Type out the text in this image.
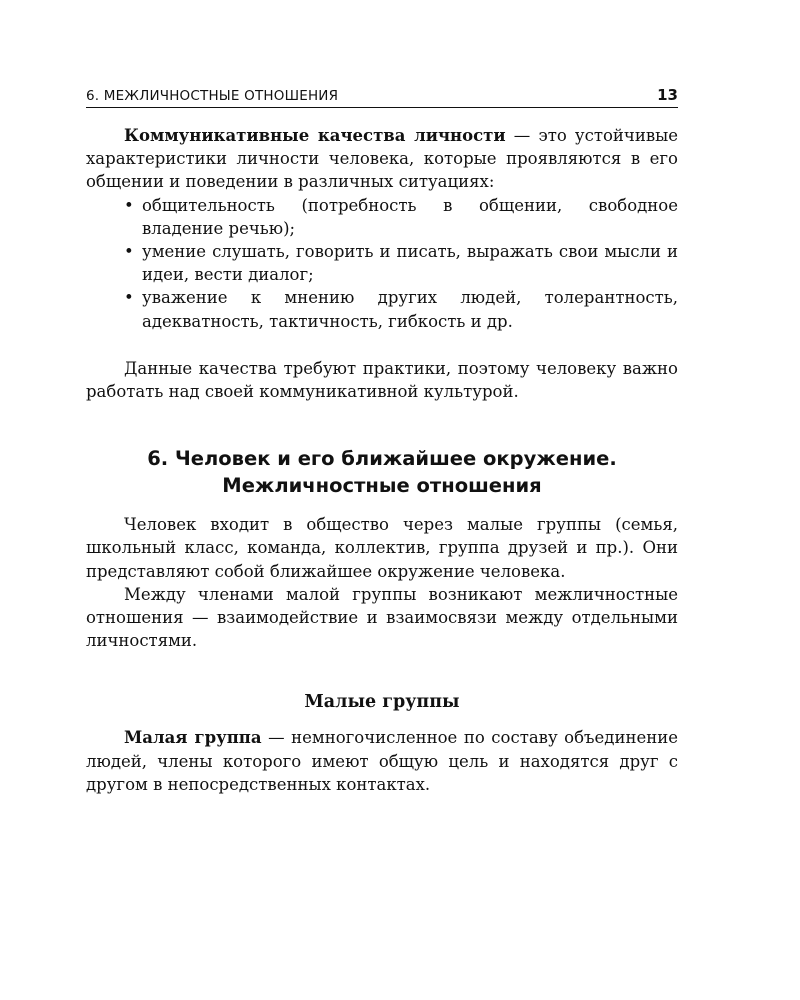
6. МЕЖЛИЧНОСТНЫЕ ОТНОШЕНИЯ	13

Коммуникативные качества личности — это устойчивые характеристики личности человека, которые проявляются в его общении и поведении в различных ситуациях:

• общительность (потребность в общении, свободное владение речью);
• умение слушать, говорить и писать, выражать свои мысли и идеи, вести диалог;
• уважение к мнению других людей, толерантность, адекватность, тактичность, гибкость и др.

Данные качества требуют практики, поэтому человеку важно работать над своей коммуникативной культурой.

6. Человек и его ближайшее окружение.
Межличностные отношения

Человек входит в общество через малые группы (семья, школьный класс, команда, коллектив, группа друзей и пр.). Они представляют собой ближайшее окружение человека.

Между членами малой группы возникают межличностные отношения — взаимодействие и взаимосвязи между отдельными личностями.

Малые группы

Малая группа — немногочисленное по составу объединение людей, члены которого имеют общую цель и находятся друг с другом в непосредственных контактах.
